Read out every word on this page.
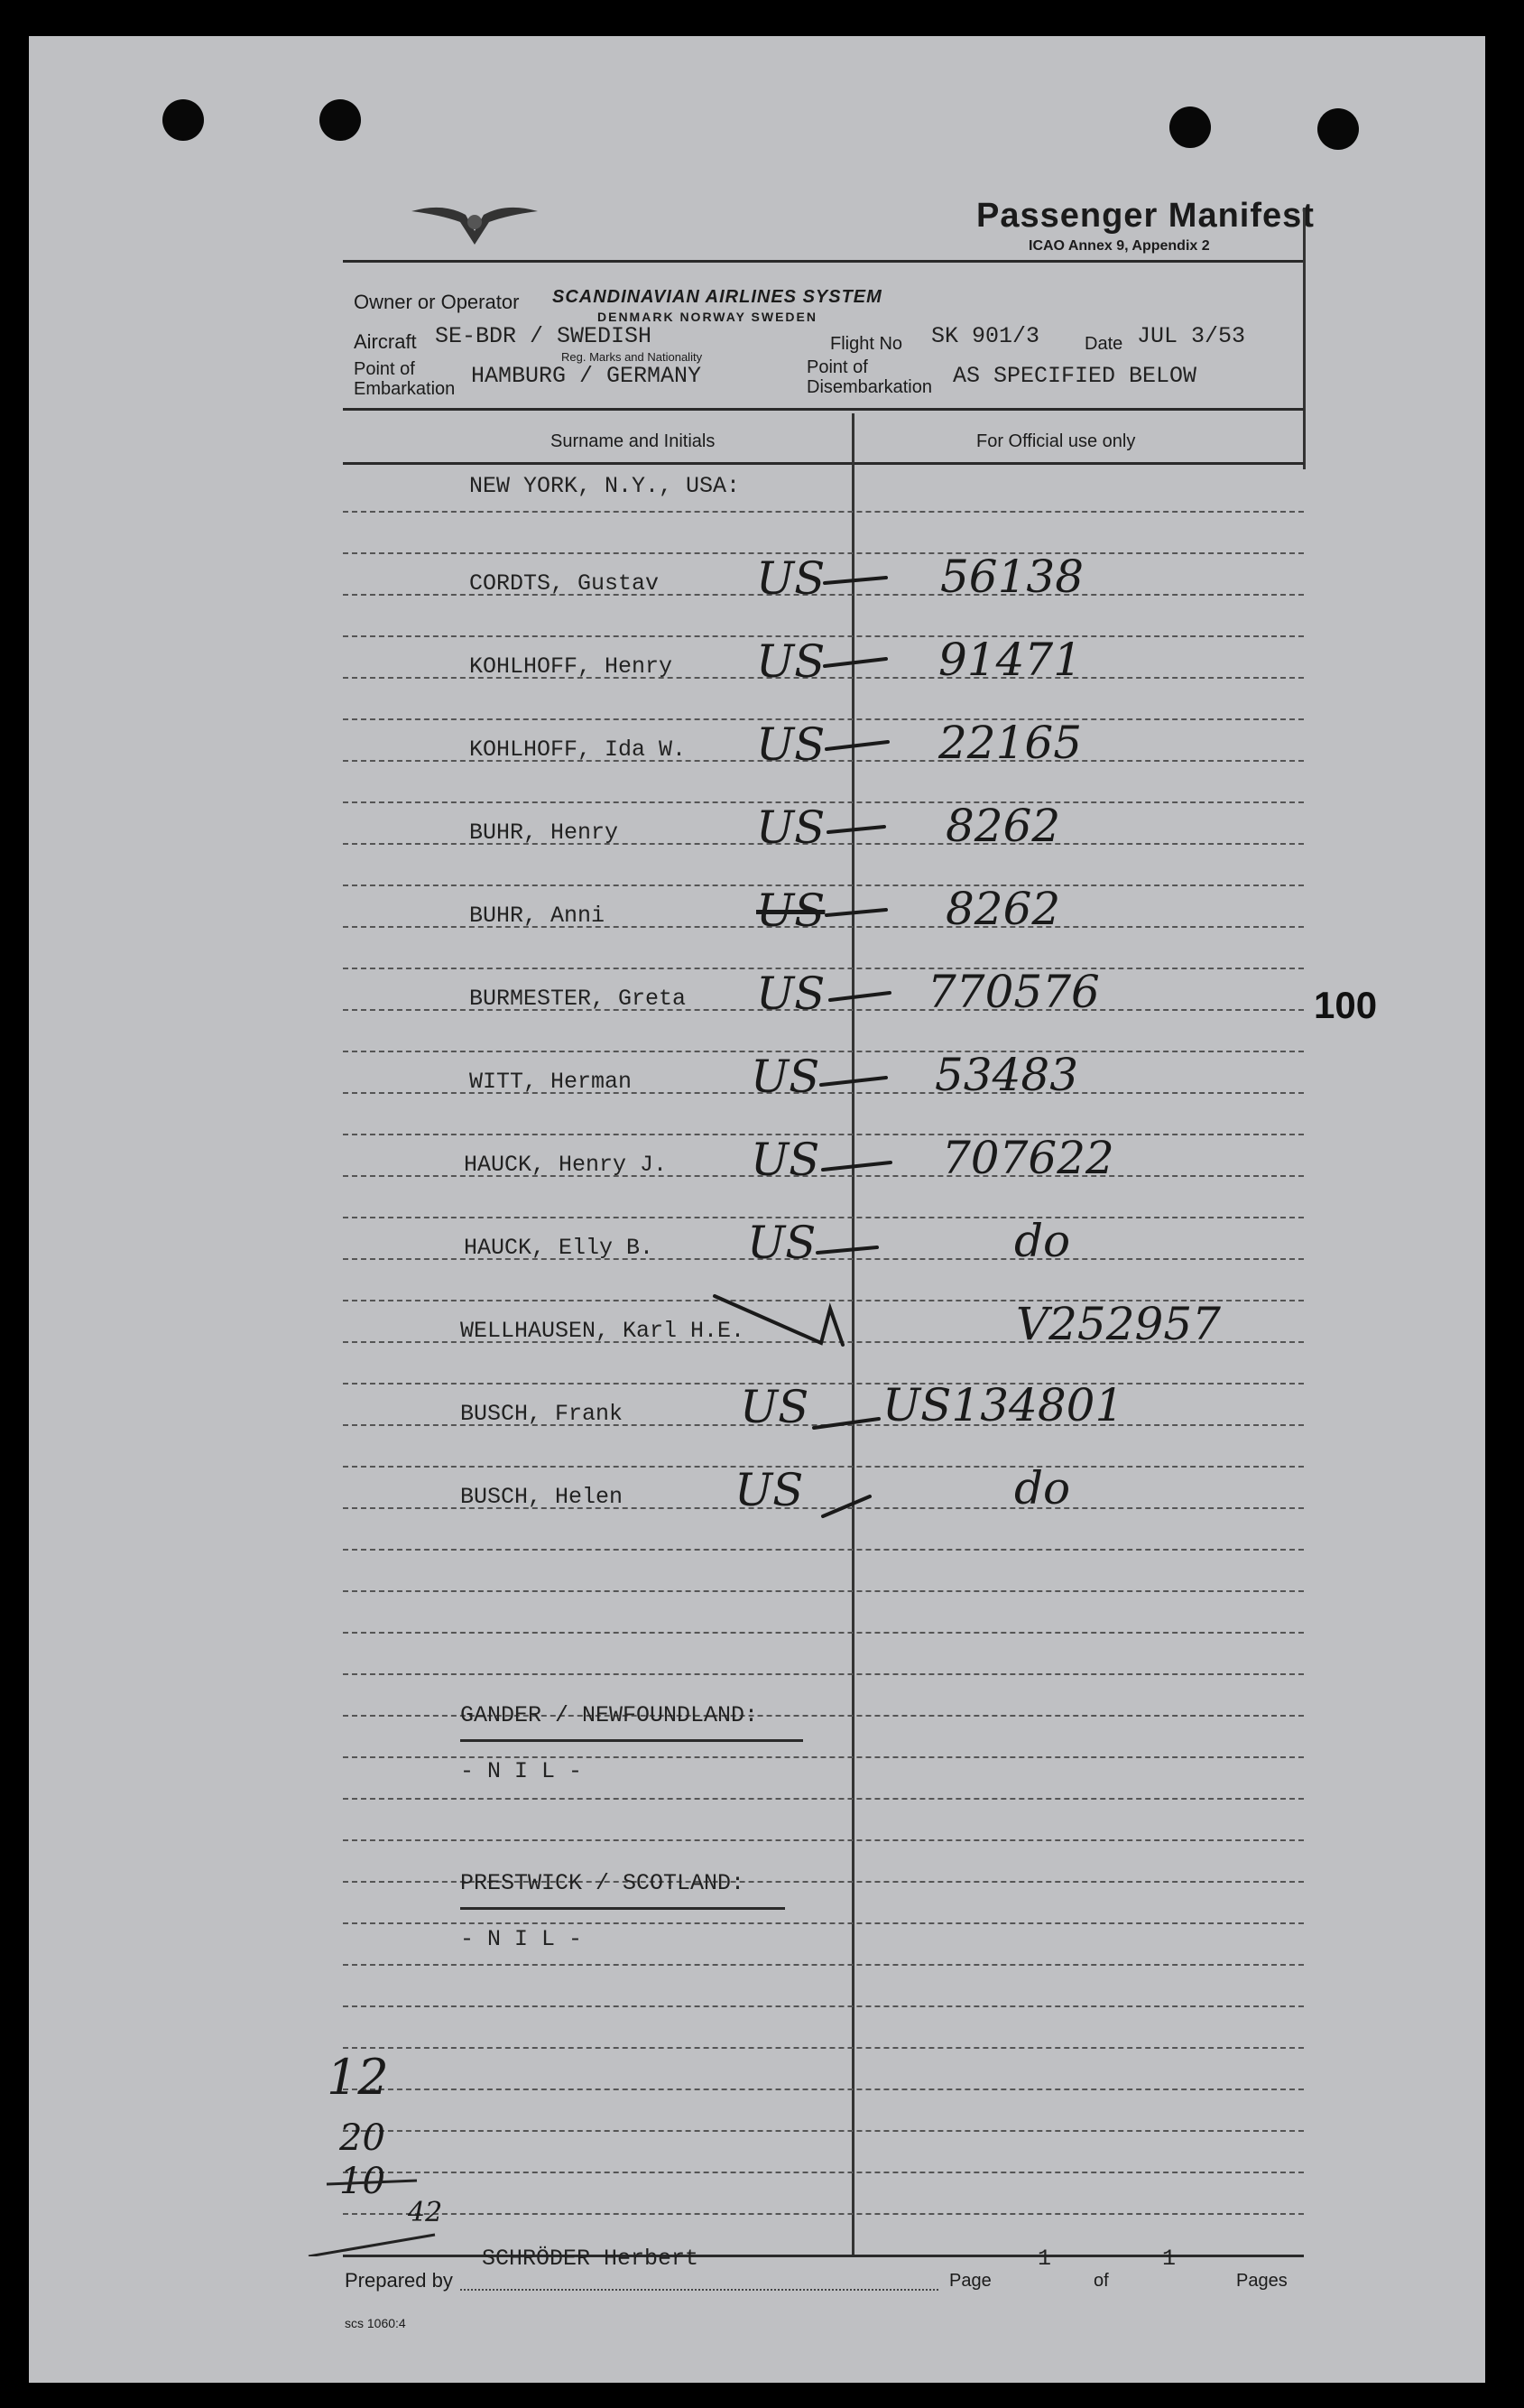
Passenger Manifest
ICAO Annex 9, Appendix 2
Owner or Operator SCANDINAVIAN AIRLINES SYSTEM
DENMARK NORWAY SWEDEN
Aircraft SE-BDR / SWEDISH
Reg. Marks and Nationality
Flight No SK 901/3 Date JUL 3/53
Point of
Embarkation HAMBURG / GERMANY	Point of
Disembarkation AS SPECIFIED BELOW
Surname and Initials	For Official use only
NEW YORK, N.Y., USA:
CORDTS, Gustav US	56138
KOHLHOFF, Henry US	91471
KOHLHOFF, Ida W. US	22165
BUHR, Henry	US	8262
BUHR, Anni	US	8262
BURMESTER, Greta US 770576
WITT, Herman	US	53483
HAUCK, Henry J. US	707622
HAUCK, Elly B. US	do
WELLHAUSEN, Karl H.E.	V252957
BUSCH, Frank	US US134801
BUSCH, Helen US	do
GANDER / NEWFOUNDLAND:
- N I L -
PRESTWICK / SCOTLAND:
- N I L -
100
12
20
10
42
Prepared by
SCHRÖDER Herbert
Page
1
of
1
Pages
scs 1060:4
